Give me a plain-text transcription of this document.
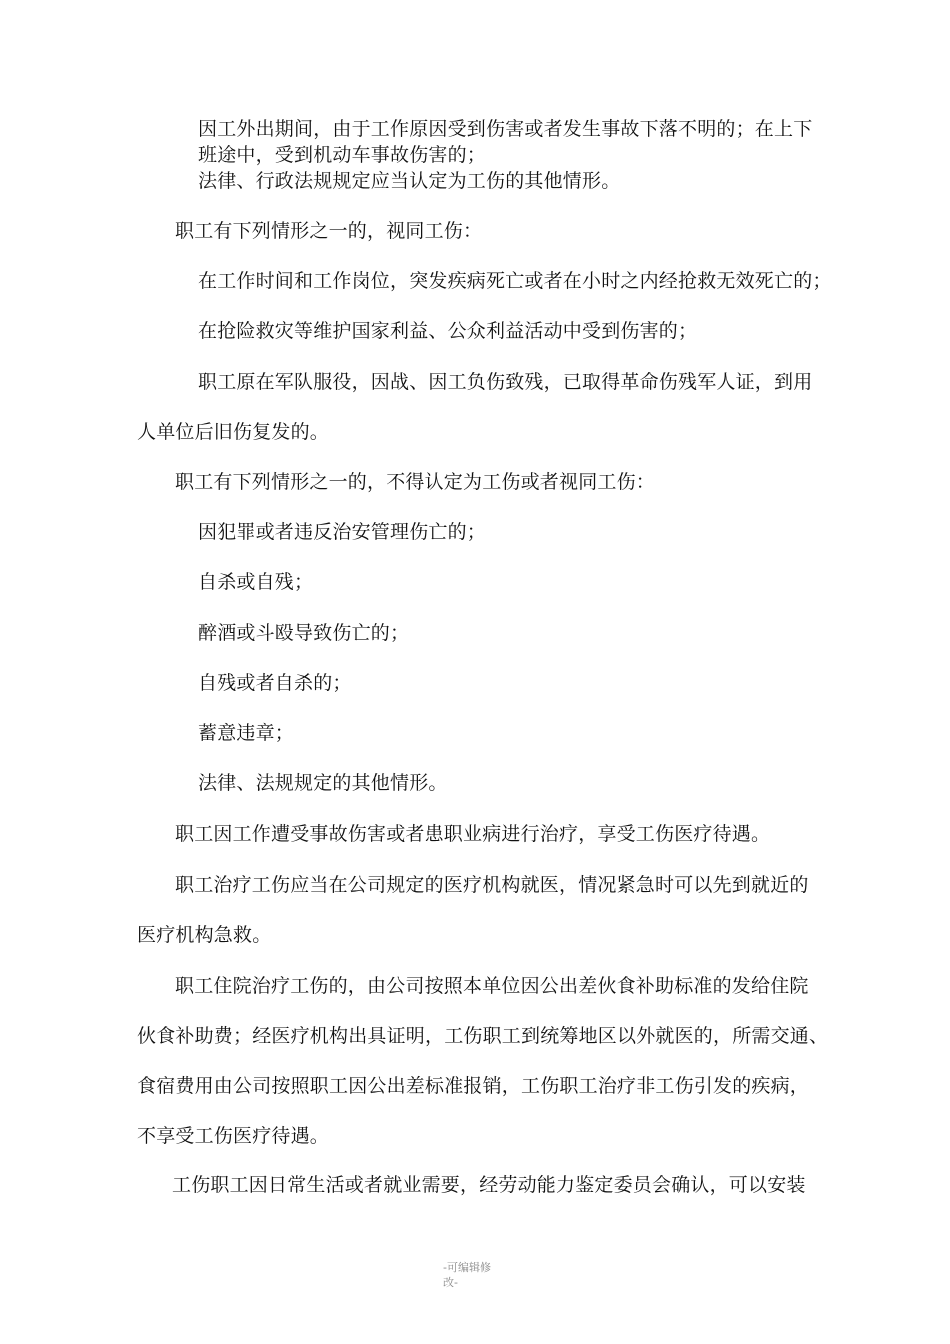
因工外出期间，由于工作原因受到伤害或者发生事故下落不明的；在上下

班途中，受到机动车事故伤害的；

法律、行政法规规定应当认定为工伤的其他情形。

职工有下列情形之一的，视同工伤：

在工作时间和工作岗位，突发疾病死亡或者在小时之内经抢救无效死亡的；

在抢险救灾等维护国家利益、公众利益活动中受到伤害的；

职工原在军队服役，因战、因工负伤致残，已取得革命伤残军人证，到用

人单位后旧伤复发的。

职工有下列情形之一的，不得认定为工伤或者视同工伤：

因犯罪或者违反治安管理伤亡的；

自杀或自残；

醉酒或斗殴导致伤亡的；

自残或者自杀的；

蓄意违章；

法律、法规规定的其他情形。

职工因工作遭受事故伤害或者患职业病进行治疗，享受工伤医疗待遇。

职工治疗工伤应当在公司规定的医疗机构就医，情况紧急时可以先到就近的

医疗机构急救。

职工住院治疗工伤的，由公司按照本单位因公出差伙食补助标准的发给住院

伙食补助费；经医疗机构出具证明，工伤职工到统筹地区以外就医的，所需交通、

食宿费用由公司按照职工因公出差标准报销，工伤职工治疗非工伤引发的疾病，

不享受工伤医疗待遇。

工伤职工因日常生活或者就业需要，经劳动能力鉴定委员会确认，可以安装

-可编辑修改-
